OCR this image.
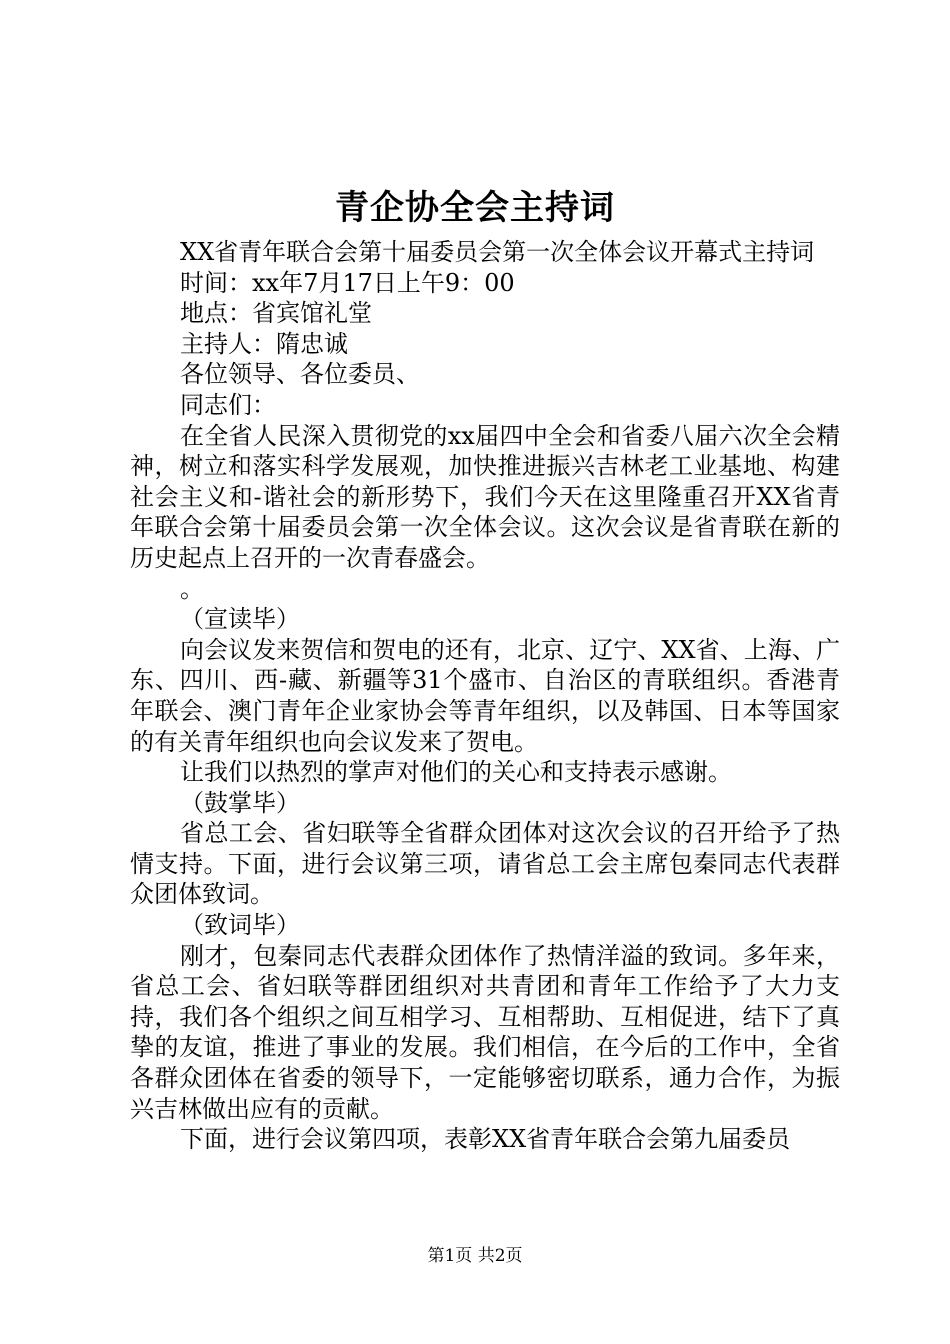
青企协全会主持词

XX省青年联合会第十届委员会第一次全体会议开幕式主持词

时间：xx年7月17日上午9：00

地点：省宾馆礼堂

主持人：隋忠诚

各位领导、各位委员、

同志们：

在全省人民深入贯彻党的xx届四中全会和省委八届六次全会精神，树立和落实科学发展观，加快推进振兴吉林老工业基地、构建社会主义和-谐社会的新形势下，我们今天在这里隆重召开XX省青年联合会第十届委员会第一次全体会议。这次会议是省青联在新的历史起点上召开的一次青春盛会。

。

（宣读毕）

向会议发来贺信和贺电的还有，北京、辽宁、XX省、上海、广东、四川、西-藏、新疆等31个盛市、自治区的青联组织。香港青年联会、澳门青年企业家协会等青年组织，以及韩国、日本等国家的有关青年组织也向会议发来了贺电。

让我们以热烈的掌声对他们的关心和支持表示感谢。

（鼓掌毕）

省总工会、省妇联等全省群众团体对这次会议的召开给予了热情支持。下面，进行会议第三项，请省总工会主席包秦同志代表群众团体致词。

（致词毕）

刚才，包秦同志代表群众团体作了热情洋溢的致词。多年来，省总工会、省妇联等群团组织对共青团和青年工作给予了大力支持，我们各个组织之间互相学习、互相帮助、互相促进，结下了真挚的友谊，推进了事业的发展。我们相信，在今后的工作中，全省各群众团体在省委的领导下，一定能够密切联系，通力合作，为振兴吉林做出应有的贡献。

下面，进行会议第四项，表彰XX省青年联合会第九届委员

第1页 共2页
